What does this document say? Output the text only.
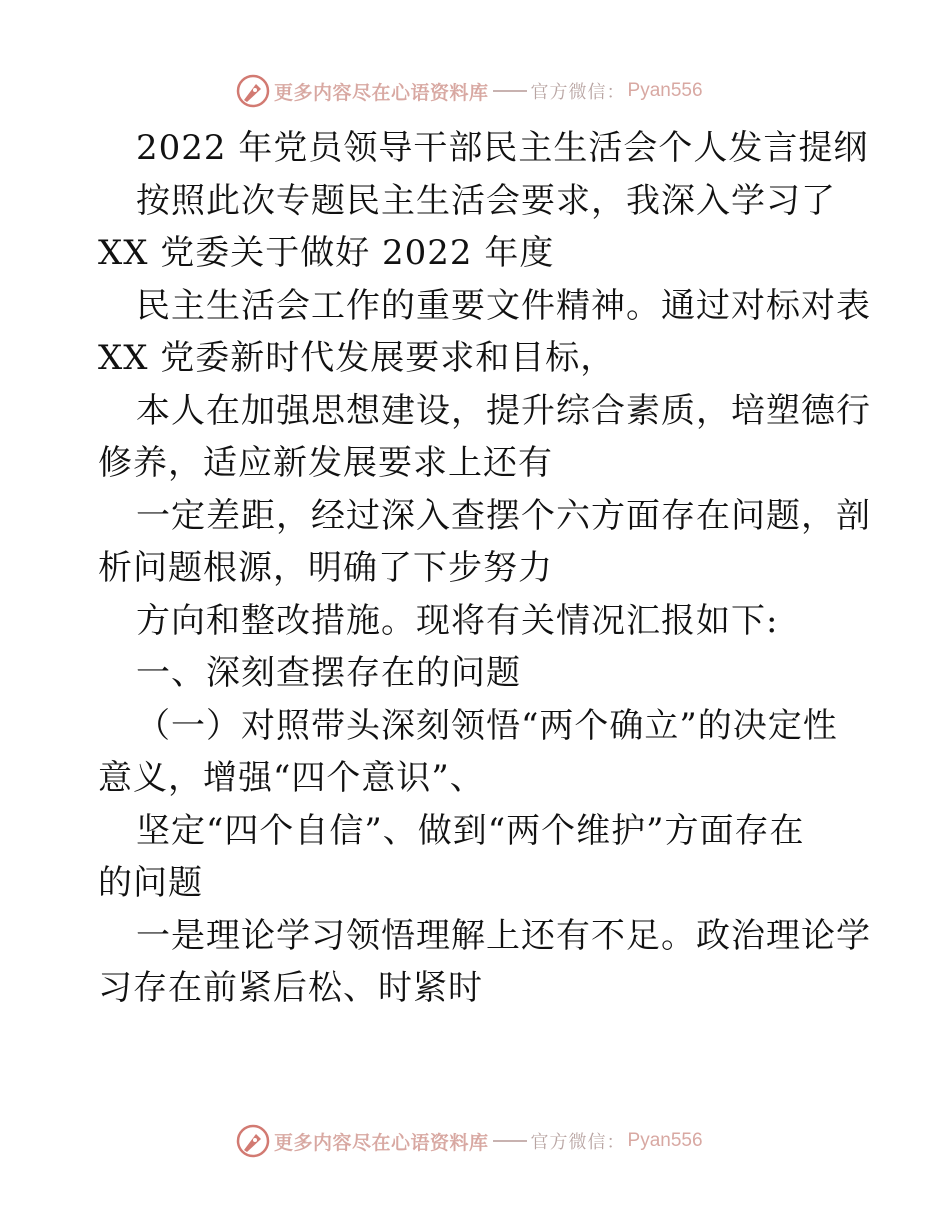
更多内容尽在心语资料库 官方微信： Pyan556
2022 年党员领导干部民主生活会个人发言提纲
按照此次专题民主生活会要求，我深入学习了
XX 党委关于做好 2022 年度
民主生活会工作的重要文件精神。通过对标对表
XX 党委新时代发展要求和目标，
本人在加强思想建设，提升综合素质，培塑德行
修养，适应新发展要求上还有
一定差距，经过深入查摆个六方面存在问题，剖
析问题根源，明确了下步努力
方向和整改措施。现将有关情况汇报如下:
一、深刻查摆存在的问题
（一）对照带头深刻领悟“两个确立”的决定性
意义，增强“四个意识”、
坚定“四个自信”、做到“两个维护”方面存在
的问题
一是理论学习领悟理解上还有不足。政治理论学
习存在前紧后松、时紧时
更多内容尽在心语资料库 官方微信： Pyan556
